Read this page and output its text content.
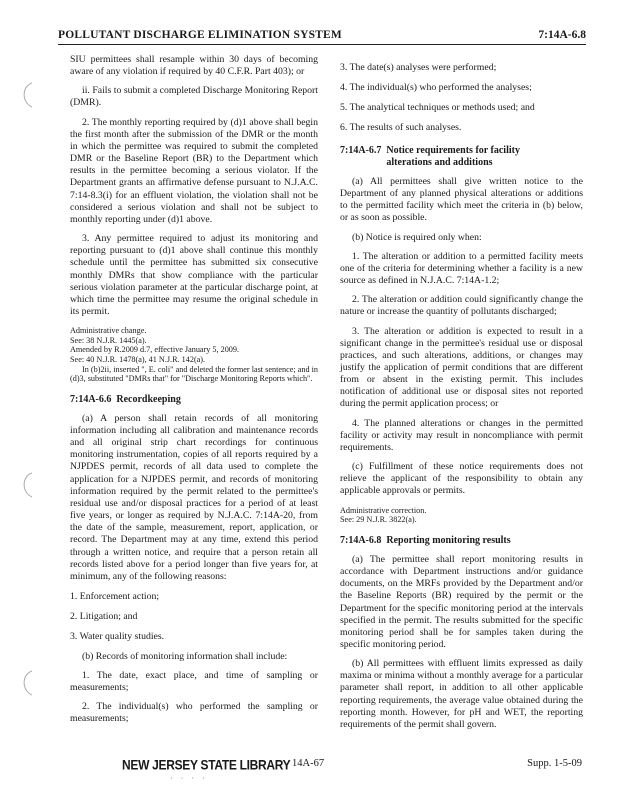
POLLUTANT DISCHARGE ELIMINATION SYSTEM	7:14A-6.8

SIU permittees shall resample within 30 days of becoming aware of any violation if required by 40 C.F.R. Part 403); or

ii. Fails to submit a completed Discharge Monitoring Report (DMR).

2. The monthly reporting required by (d)1 above shall begin the first month after the submission of the DMR or the month in which the permittee was required to submit the completed DMR or the Baseline Report (BR) to the Department which results in the permittee becoming a serious violator. If the Department grants an affirmative defense pursuant to N.J.A.C. 7:14-8.3(i) for an effluent violation, the violation shall not be considered a serious violation and shall not be subject to monthly reporting under (d)1 above.

3. Any permittee required to adjust its monitoring and reporting pursuant to (d)1 above shall continue this monthly schedule until the permittee has submitted six consecutive monthly DMRs that show compliance with the particular serious violation parameter at the particular discharge point, at which time the permittee may resume the original schedule in its permit.

Administrative change.

See: 38 N.J.R. 1445(a).

Amended by R.2009 d.7, effective January 5, 2009.

See: 40 N.J.R. 1478(a), 41 N.J.R. 142(a).

In (b)2ii, inserted ", E. coli" and deleted the former last sentence; and in (d)3, substituted "DMRs that" for "Discharge Monitoring Reports which".

7:14A-6.6 Recordkeeping

(a) A person shall retain records of all monitoring information including all calibration and maintenance records and all original strip chart recordings for continuous monitoring instrumentation, copies of all reports required by a NJPDES permit, records of all data used to complete the application for a NJPDES permit, and records of monitoring information required by the permit related to the permittee's residual use and/or disposal practices for a period of at least five years, or longer as required by N.J.A.C. 7:14A-20, from the date of the sample, measurement, report, application, or record. The Department may at any time, extend this period through a written notice, and require that a person retain all records listed above for a period longer than five years for, at minimum, any of the following reasons:

1. Enforcement action;

2. Litigation; and

3. Water quality studies.

(b) Records of monitoring information shall include:

1. The date, exact place, and time of sampling or measurements;

2. The individual(s) who performed the sampling or measurements;

3. The date(s) analyses were performed;

4. The individual(s) who performed the analyses;

5. The analytical techniques or methods used; and

6. The results of such analyses.

7:14A-6.7 Notice requirements for facility alterations and additions

(a) All permittees shall give written notice to the Department of any planned physical alterations or additions to the permitted facility which meet the criteria in (b) below, or as soon as possible.

(b) Notice is required only when:

1. The alteration or addition to a permitted facility meets one of the criteria for determining whether a facility is a new source as defined in N.J.A.C. 7:14A-1.2;

2. The alteration or addition could significantly change the nature or increase the quantity of pollutants discharged;

3. The alteration or addition is expected to result in a significant change in the permittee's residual use or disposal practices, and such alterations, additions, or changes may justify the application of permit conditions that are different from or absent in the existing permit. This includes notification of additional use or disposal sites not reported during the permit application process; or

4. The planned alterations or changes in the permitted facility or activity may result in noncompliance with permit requirements.

(c) Fulfillment of these notice requirements does not relieve the applicant of the responsibility to obtain any applicable approvals or permits.

Administrative correction.

See: 29 N.J.R. 3822(a).

7:14A-6.8 Reporting monitoring results

(a) The permittee shall report monitoring results in accordance with Department instructions and/or guidance documents, on the MRFs provided by the Department and/or the Baseline Reports (BR) required by the permit or the Department for the specific monitoring period at the intervals specified in the permit. The results submitted for the specific monitoring period shall be for samples taken during the specific monitoring period.

(b) All permittees with effluent limits expressed as daily maxima or minima without a monthly average for a particular parameter shall report, in addition to all other applicable reporting requirements, the average value obtained during the reporting month. However, for pH and WET, the reporting requirements of the permit shall govern.

NEW JERSEY STATE LIBRARY 14A-67	Supp. 1-5-09
· · · ·
